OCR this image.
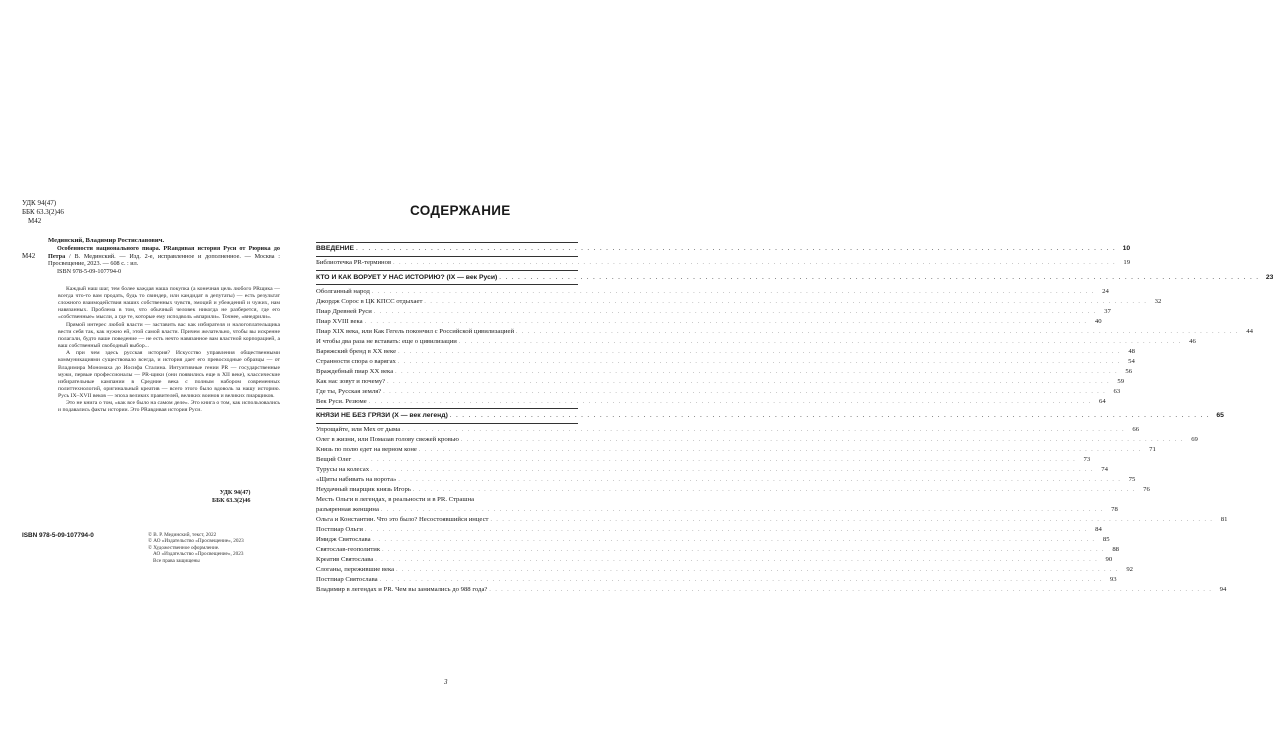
УДК 94(47)
ББК 63.3(2)46
М42
М42
Мединский, Владимир Ростиславович.
Особенности национального пиара. PRавдивая история Руси от Рюрика до Петра / В. Мединский. — Изд. 2-е, исправленное и дополненное. — Москва : Просвещение, 2023. — 608 с. : ил.
ISBN 978-5-09-107794-0

Каждый наш шаг, тем более каждая наша покупка (а конечная цель любого PRщика — всегда что-то вам продать, будь то свиндер, или кандидат в депутаты) — есть результат сложного взаимодействия наших собственных чувств, эмоций и убеждений и чужих, нам навязанных. Проблема в том, что обычный человек никогда не разберется, где его «собственные» мысли, а где те, которые ему исподволь «впарили». Точнее, «внедрили».

Прямой интерес любой власти — заставить вас как избирателя и налогоплательщика вести себя так, как нужно ей, этой самой власти. Причем желательно, чтобы вы искренне полагали, будто ваше поведение — не есть нечто навязанное вам властной корпорацией, а ваш собственный свободный выбор...

А при чем здесь русская история? Искусство управления общественными коммуникациями существовало всегда, и история дает его превосходные образцы — от Владимира Мономаха до Иосифа Сталина. Интуитивные гении PR — государственные мужи, первые профессионалы — PR-щики (они появились еще в XII веке), классические избирательные кампании в Средние века с полным набором современных политтехнологий, оригинальный креатив — всего этого было вдоволь за нашу историю. Русь IX–XVII веков — эпоха великих правителей, великих воинов и великих пиарщиков.

Это не книга о том, «как все было на самом деле». Это книга о том, как использовались и подавались факты истории. Это PRавдивая история Руси.

УДК 94(47)
ББК 63.3(2)46
ISBN 978-5-09-107794-0	© В. Р. Мединский, текст, 2022
© АО «Издательство «Просвещение», 2023
© Художественное оформление.
АО «Издательство «Просвещение», 2023
Все права защищены
СОДЕРЖАНИЕ
ВВЕДЕНИЕ . . .	10
Библиотечка PR-терминов . . .	19
КТО И КАК ВОРУЕТ У НАС ИСТОРИЮ? (IX — век Руси) . . .	23
Оболганный народ . . .	24
Джордж Сорос в ЦК КПСС отдыхает . . .	32
Пиар Древней Руси . . .	37
Пиар XVIII века . . .	40
Пиар XIX века, или Как Гегель покончил с Российской цивилизацией . . .	44
И чтобы два раза не вставать: еще о цивилизации . . .	46
Варяжский бренд в XX веке . . .	48
Странности спора о варягах . . .	54
Враждебный пиар XX века . . .	56
Как нас зовут и почему? . . .	59
Где ты, Русская земля? . . .	63
Век Руси. Резюме . . .	64
КНЯЗИ НЕ БЕЗ ГРЯЗИ (X — век легенд) . . .	65
Упрощайте, или Мех от дыма . . .	66
Олег в жизни, или Помазав голову свежей кровью . . .	69
Князь по полю едет на верном коне . . .	71
Вещий Олег . . .	73
Турусы на колесах . . .	74
«Щиты набивать на ворота» . . .	75
Неудачный пиарщик князь Игорь . . .	76
Месть Ольги в легендах, в реальности и в PR. Страшна
разъяренная женщина . . .	78
Ольга и Константин. Что это было? Несостоявшийся инцест . . .	81
Постпиар Ольги . . .	84
Имидж Святослава . . .	85
Святослав-геополитик . . .	88
Креатив Святослава . . .	90
Слоганы, пережившие века . . .	92
Постпиар Святослава . . .	93
Владимир в легендах и PR. Чем вы занимались до 988 года? . . .	94
3
